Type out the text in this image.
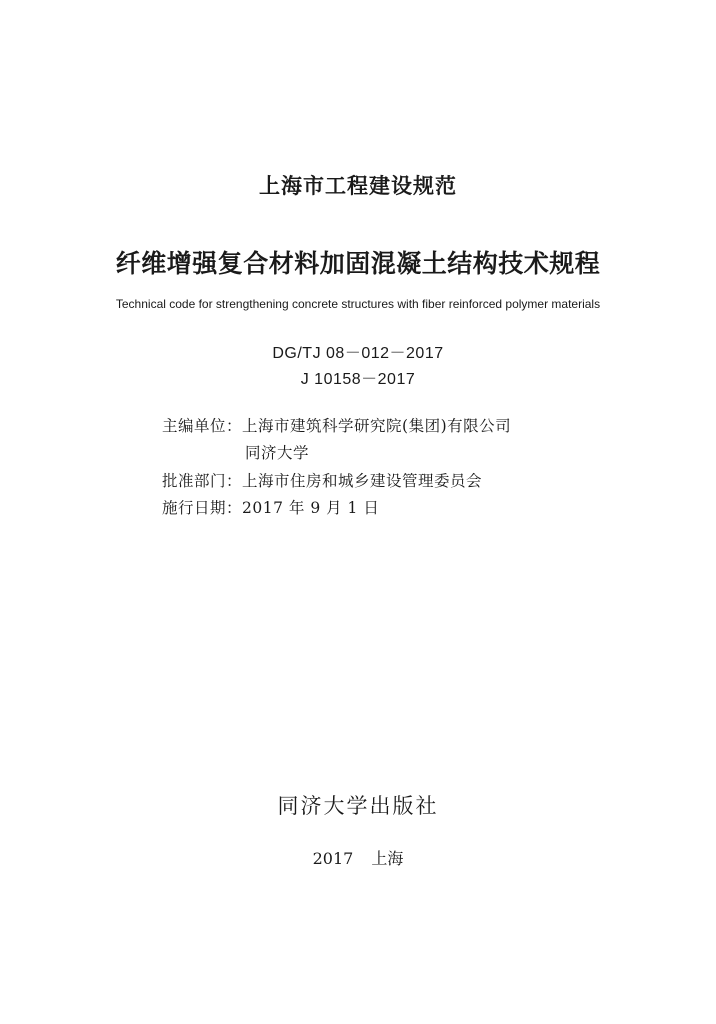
上海市工程建设规范
纤维增强复合材料加固混凝土结构技术规程
Technical code for strengthening concrete structures with fiber reinforced polymer materials
DG/TJ 08－012－2017
J 10158－2017
主编单位：上海市建筑科学研究院(集团)有限公司
同济大学
批准部门：上海市住房和城乡建设管理委员会
施行日期：2017 年 9 月 1 日
同济大学出版社
2017 上海
